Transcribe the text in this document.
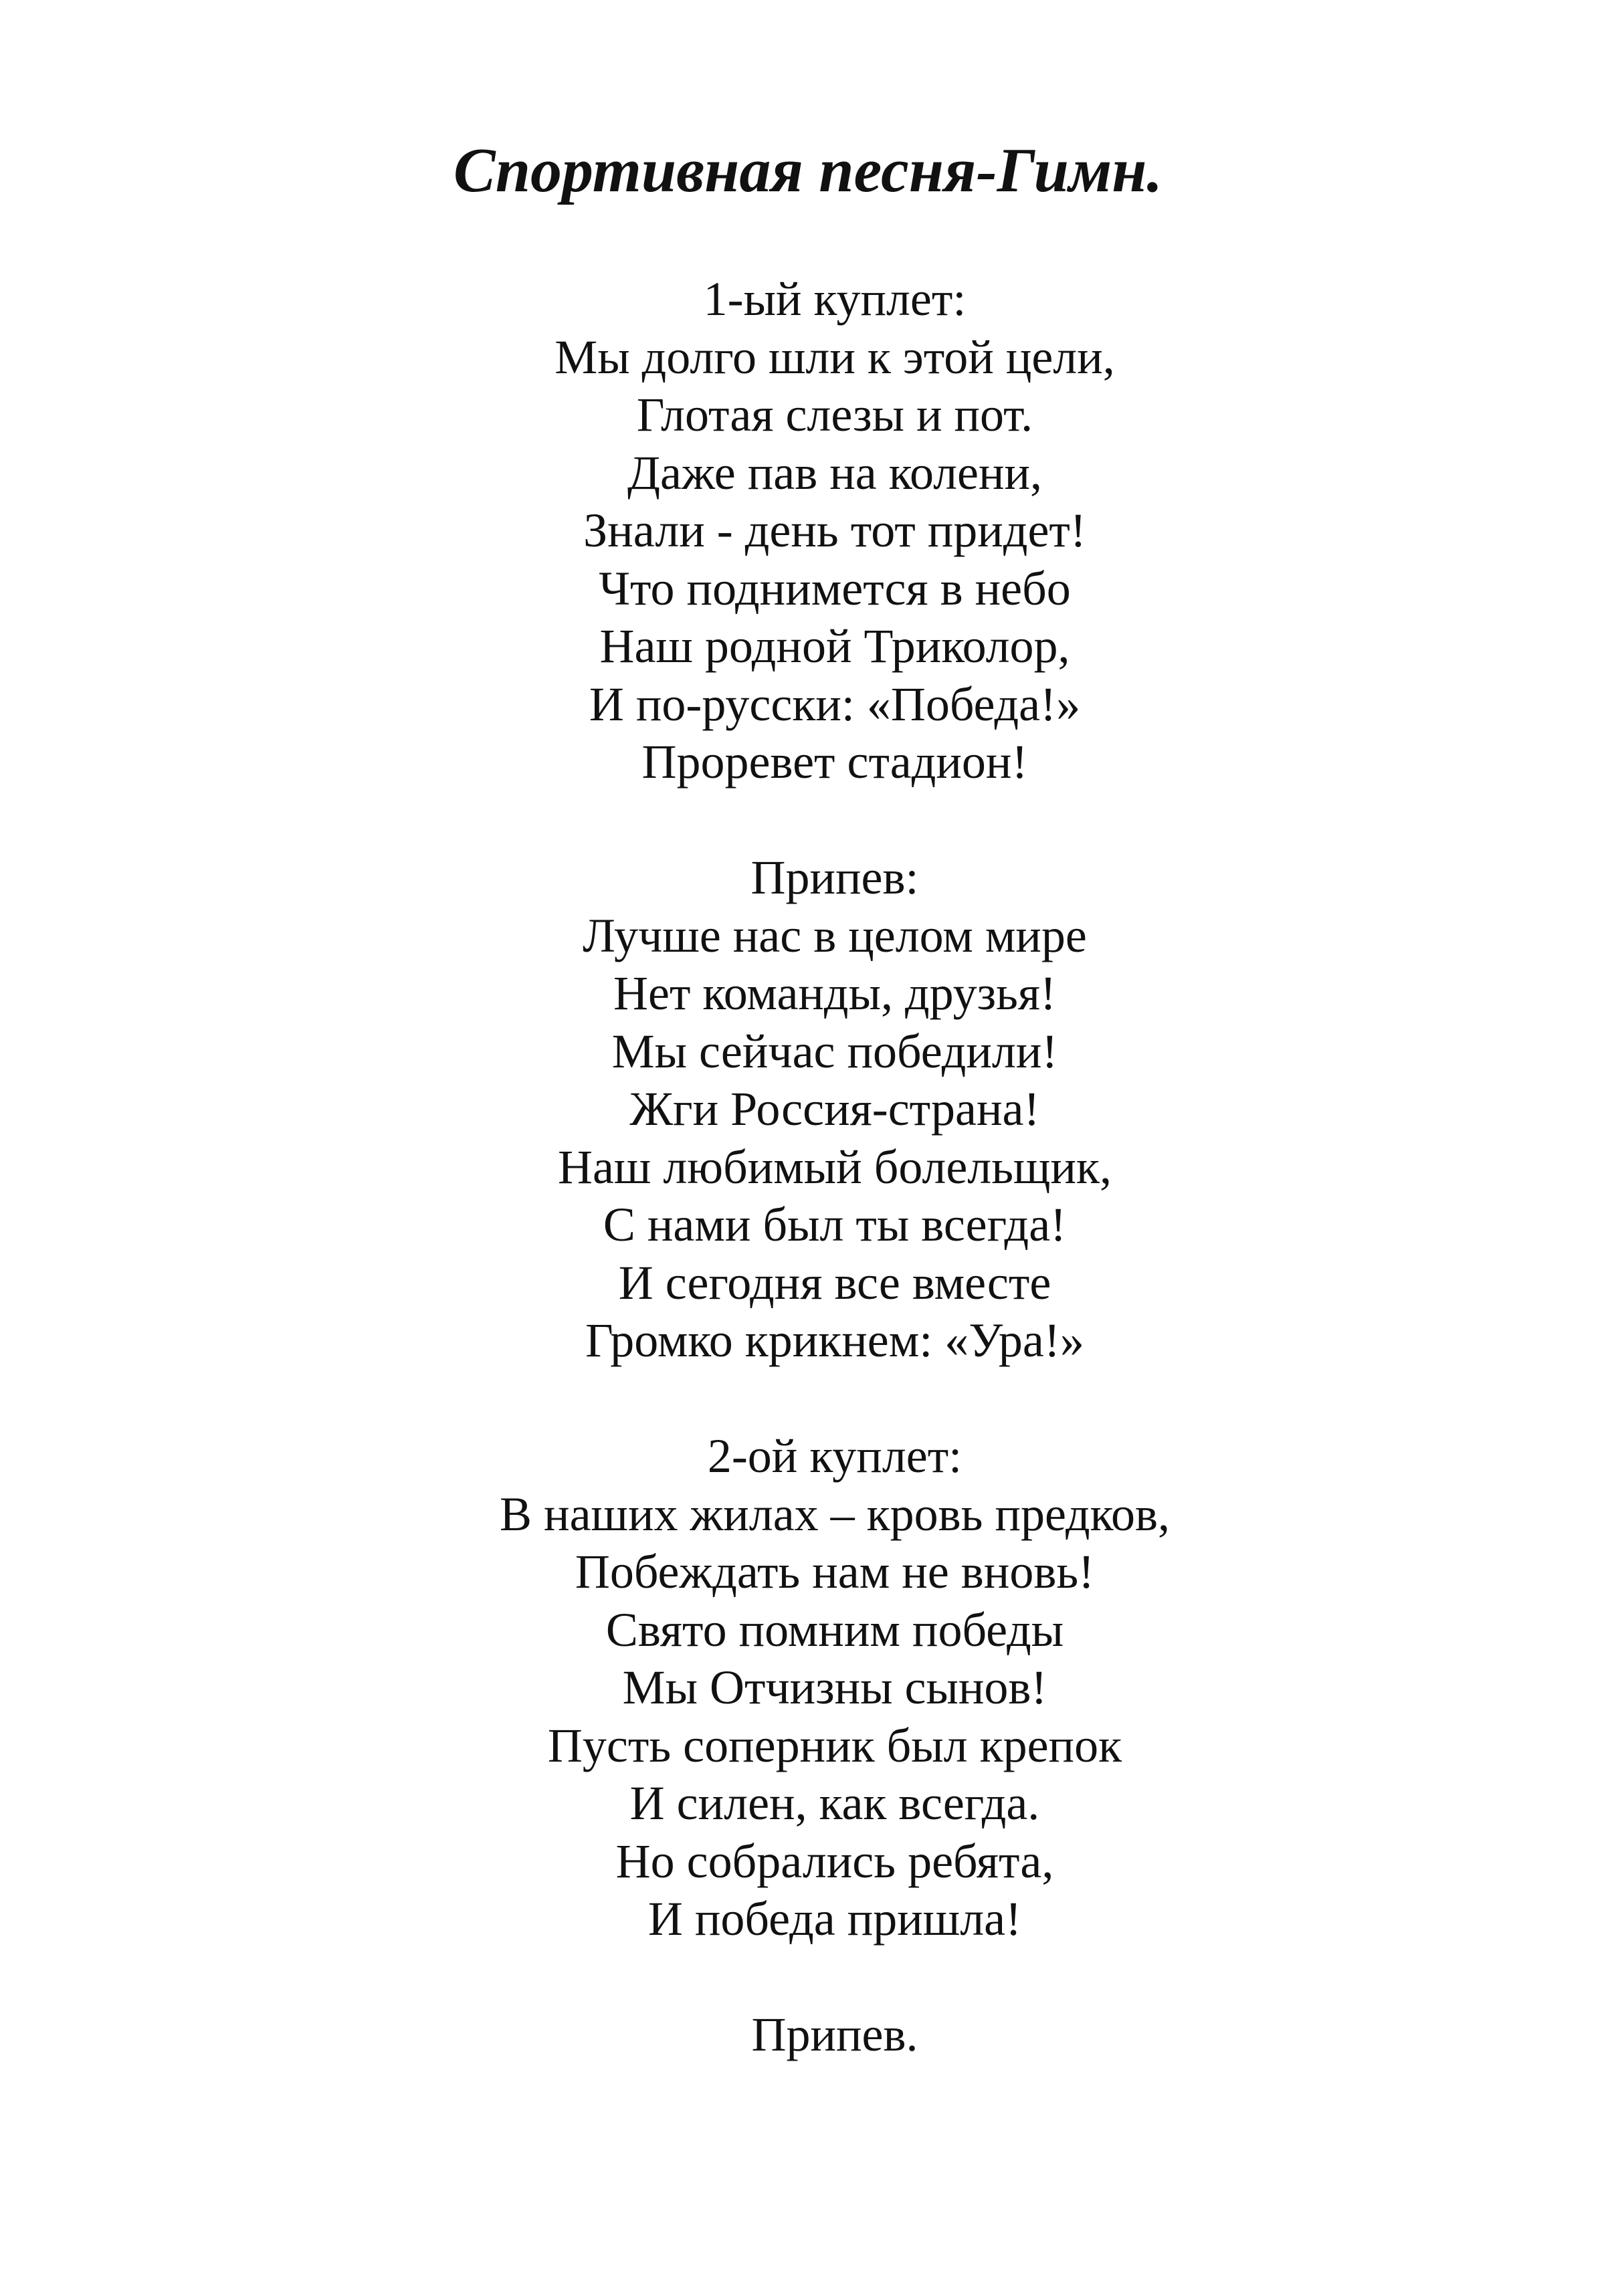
Спортивная песня-Гимн.
1-ый куплет:
Мы долго шли к этой цели,
Глотая слезы и пот.
Даже пав на колени,
Знали - день тот придет!
Что поднимется в небо
Наш родной Триколор,
И по-русски: «Победа!»
Проревет стадион!
Припев:
Лучше нас в целом мире
Нет команды, друзья!
Мы сейчас победили!
Жги Россия-страна!
Наш любимый болельщик,
С нами был ты всегда!
И сегодня все вместе
Громко крикнем: «Ура!»
2-ой куплет:
В наших жилах – кровь предков,
Побеждать нам не вновь!
Свято помним победы
Мы Отчизны сынов!
Пусть соперник был крепок
И силен, как всегда.
Но собрались ребята,
И победа пришла!
Припев.
